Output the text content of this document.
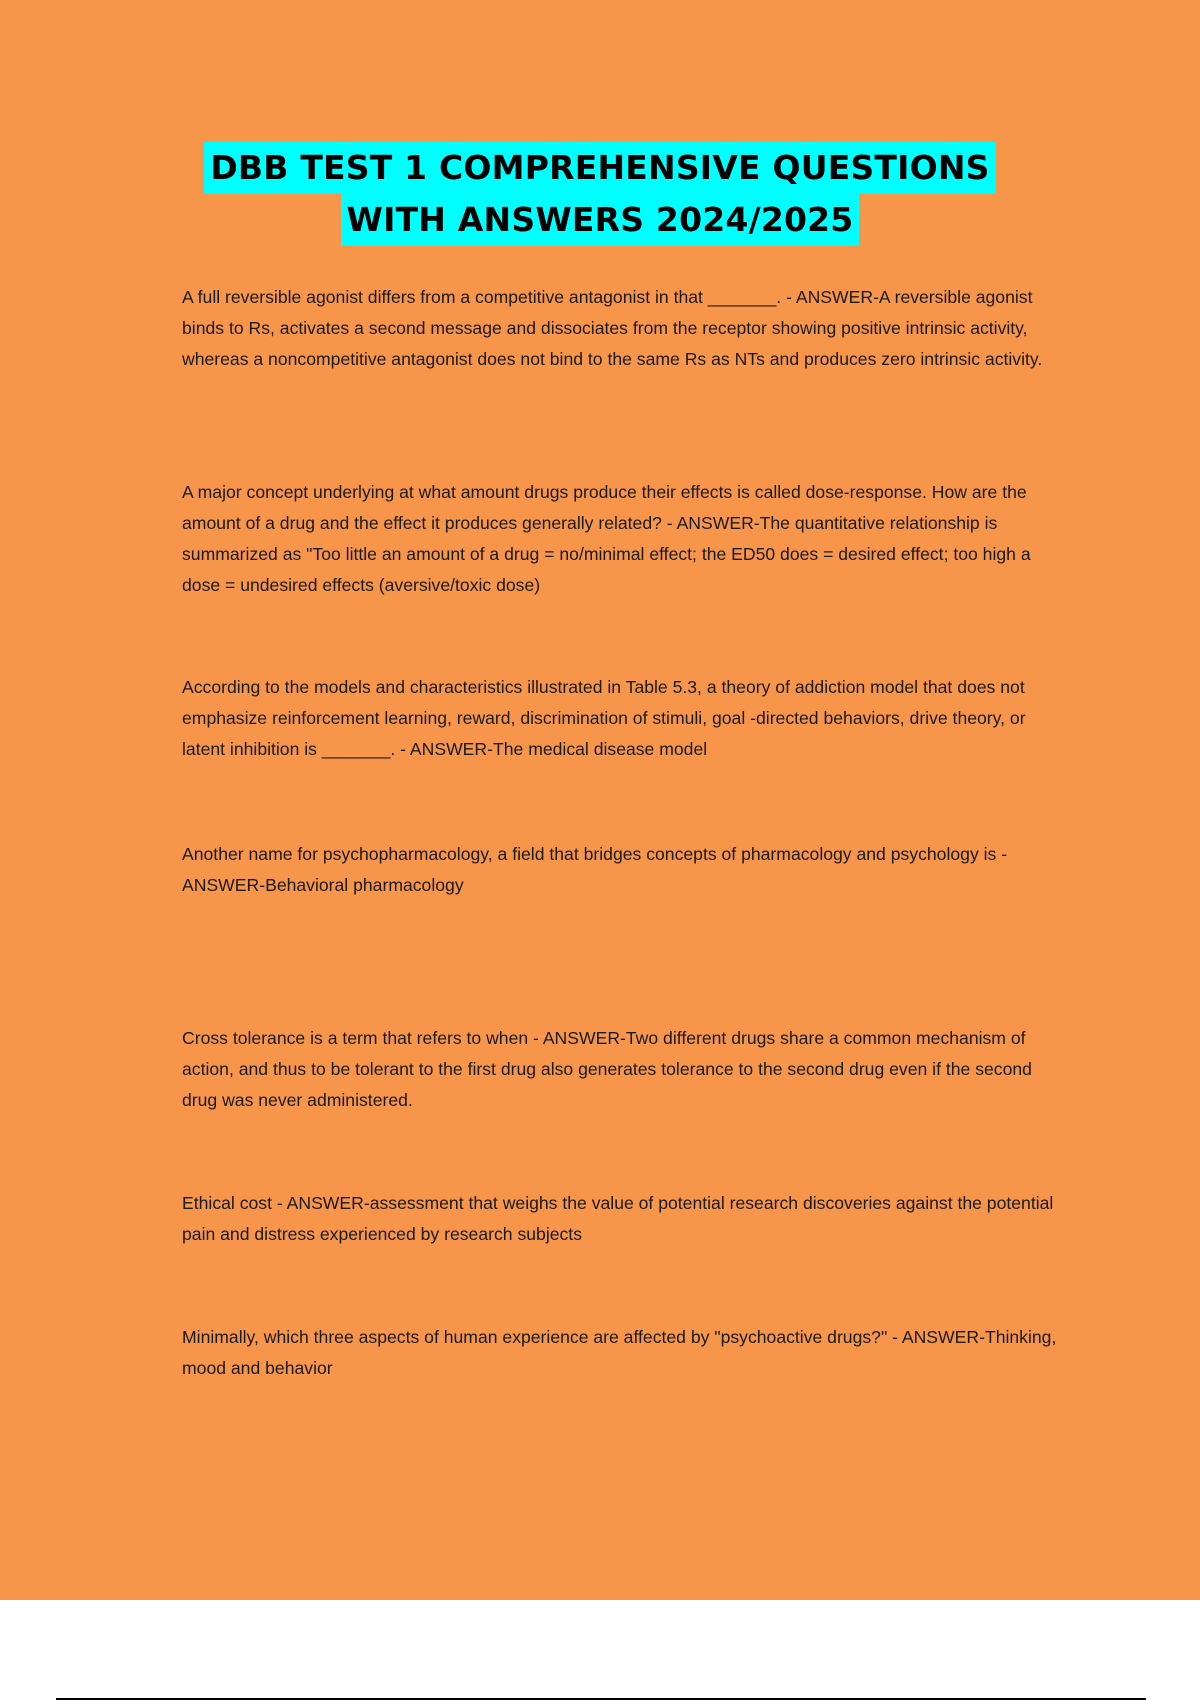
DBB TEST 1 COMPREHENSIVE QUESTIONS
WITH ANSWERS 2024/2025

A full reversible agonist differs from a competitive antagonist in that _______. - ANSWER-A reversible agonist binds to Rs, activates a second message and dissociates from the receptor showing positive intrinsic activity, whereas a noncompetitive antagonist does not bind to the same Rs as NTs and produces zero intrinsic activity.

A major concept underlying at what amount drugs produce their effects is called dose-response. How are the amount of a drug and the effect it produces generally related? - ANSWER-The quantitative relationship is summarized as "Too little an amount of a drug = no/minimal effect; the ED50 does = desired effect; too high a dose = undesired effects (aversive/toxic dose)

According to the models and characteristics illustrated in Table 5.3, a theory of addiction model that does not emphasize reinforcement learning, reward, discrimination of stimuli, goal -directed behaviors, drive theory, or latent inhibition is _______. - ANSWER-The medical disease model

Another name for psychopharmacology, a field that bridges concepts of pharmacology and psychology is - ANSWER-Behavioral pharmacology

Cross tolerance is a term that refers to when - ANSWER-Two different drugs share a common mechanism of action, and thus to be tolerant to the first drug also generates tolerance to the second drug even if the second drug was never administered.

Ethical cost - ANSWER-assessment that weighs the value of potential research discoveries against the potential pain and distress experienced by research subjects

Minimally, which three aspects of human experience are affected by "psychoactive drugs?" - ANSWER-Thinking, mood and behavior
